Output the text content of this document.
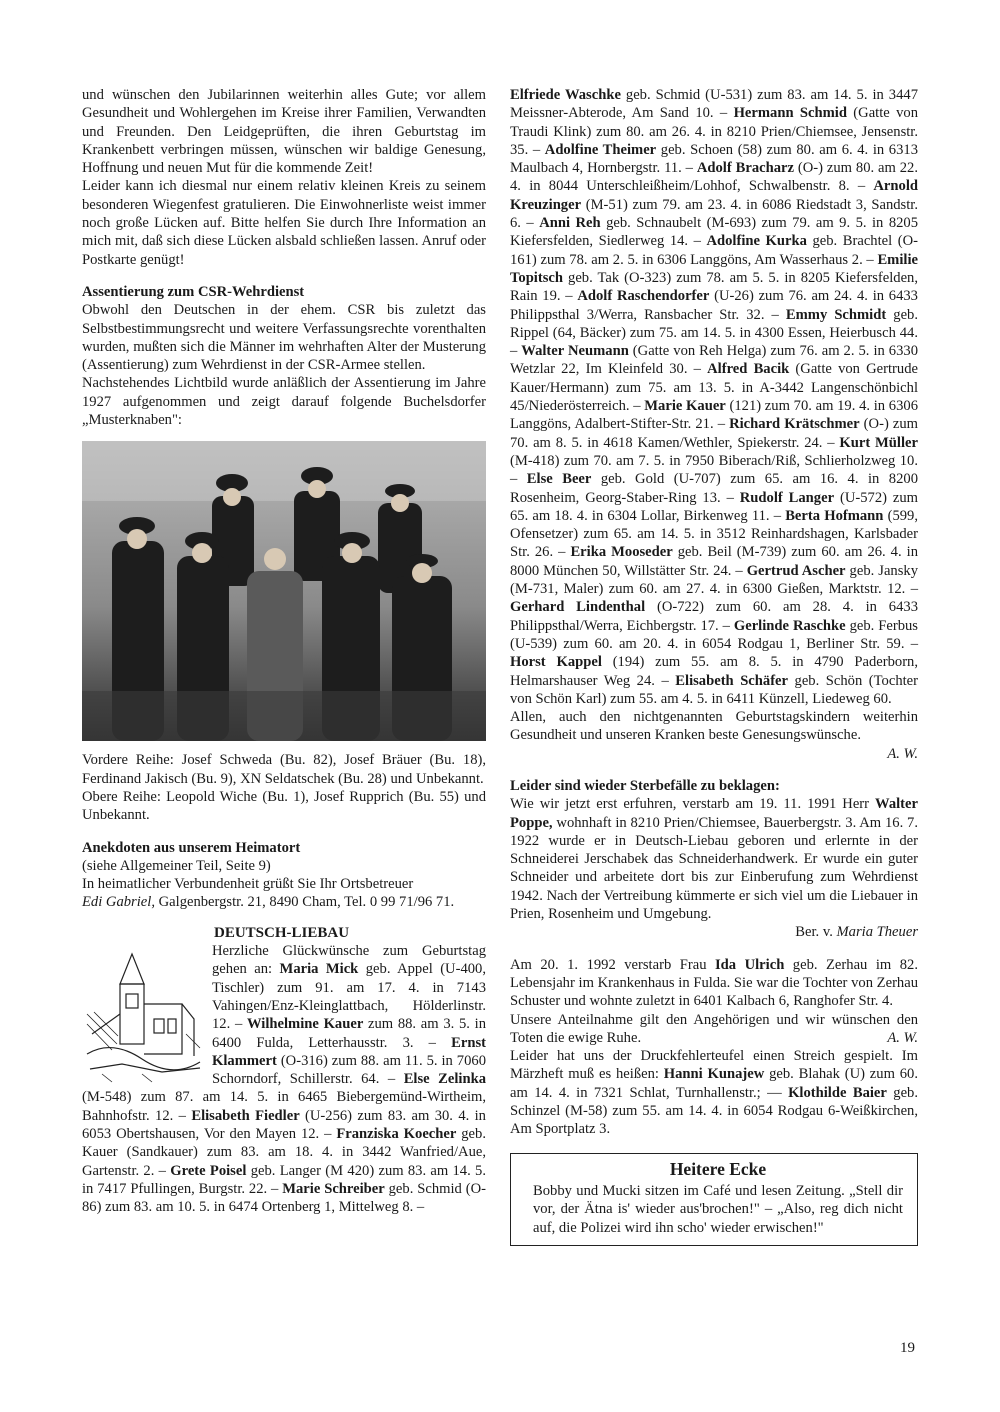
und wünschen den Jubilarinnen weiterhin alles Gute; vor allem Gesundheit und Wohlergehen im Kreise ihrer Familien, Verwandten und Freunden. Den Leidgeprüften, die ihren Geburtstag im Krankenbett verbringen müssen, wünschen wir baldige Genesung, Hoffnung und neuen Mut für die kommende Zeit!

Leider kann ich diesmal nur einem relativ kleinen Kreis zu seinem besonderen Wiegenfest gratulieren. Die Einwohnerliste weist immer noch große Lücken auf. Bitte helfen Sie durch Ihre Information an mich mit, daß sich diese Lücken alsbald schließen lassen. Anruf oder Postkarte genügt!

Assentierung zum CSR-Wehrdienst

Obwohl den Deutschen in der ehem. CSR bis zuletzt das Selbstbestimmungsrecht und weitere Verfassungsrechte vorenthalten wurden, mußten sich die Männer im wehrhaften Alter der Musterung (Assentierung) zum Wehrdienst in der CSR-Armee stellen.

Nachstehendes Lichtbild wurde anläßlich der Assentierung im Jahre 1927 aufgenommen und zeigt darauf folgende Buchelsdorfer „Musterknaben":

Vordere Reihe: Josef Schweda (Bu. 82), Josef Bräuer (Bu. 18), Ferdinand Jakisch (Bu. 9), XN Seldatschek (Bu. 28) und Unbekannt.

Obere Reihe: Leopold Wiche (Bu. 1), Josef Rupprich (Bu. 55) und Unbekannt.

Anekdoten aus unserem Heimatort

(siehe Allgemeiner Teil, Seite 9)

In heimatlicher Verbundenheit grüßt Sie Ihr Ortsbetreuer

Edi Gabriel, Galgenbergstr. 21, 8490 Cham, Tel. 0 99 71/96 71.

DEUTSCH-LIEBAU

Herzliche Glückwünsche zum Geburtstag gehen an: Maria Mick geb. Appel (U-400, Tischler) zum 91. am 17. 4. in 7143 Vahingen/Enz-Kleinglattbach, Hölderlinstr. 12. – Wilhelmine Kauer zum 88. am 3. 5. in 6400 Fulda, Letterhausstr. 3. – Ernst Klammert (O-316) zum 88. am 11. 5. in 7060 Schorndorf, Schillerstr. 64. – Else Zelinka (M-548) zum 87. am 14. 5. in 6465 Biebergemünd-Wirtheim, Bahnhofstr. 12. – Elisabeth Fiedler (U-256) zum 83. am 30. 4. in 6053 Obertshausen, Vor den Mayen 12. – Franziska Koecher geb. Kauer (Sandkauer) zum 83. am 18. 4. in 3442 Wanfried/Aue, Gartenstr. 2. – Grete Poisel geb. Langer (M 420) zum 83. am 14. 5. in 7417 Pfullingen, Burgstr. 22. – Marie Schreiber geb. Schmid (O-86) zum 83. am 10. 5. in 6474 Ortenberg 1, Mittelweg 8. –

Elfriede Waschke geb. Schmid (U-531) zum 83. am 14. 5. in 3447 Meissner-Abterode, Am Sand 10. – Hermann Schmid (Gatte von Traudi Klink) zum 80. am 26. 4. in 8210 Prien/Chiemsee, Jensenstr. 35. – Adolfine Theimer geb. Schoen (58) zum 80. am 6. 4. in 6313 Maulbach 4, Hornbergstr. 11. – Adolf Bracharz (O-) zum 80. am 22. 4. in 8044 Unterschleißheim/Lohhof, Schwalbenstr. 8. – Arnold Kreuzinger (M-51) zum 79. am 23. 4. in 6086 Riedstadt 3, Sandstr. 6. – Anni Reh geb. Schnaubelt (M-693) zum 79. am 9. 5. in 8205 Kiefersfelden, Siedlerweg 14. – Adolfine Kurka geb. Brachtel (O-161) zum 78. am 2. 5. in 6306 Langgöns, Am Wasserhaus 2. – Emilie Topitsch geb. Tak (O-323) zum 78. am 5. 5. in 8205 Kiefersfelden, Rain 19. – Adolf Raschendorfer (U-26) zum 76. am 24. 4. in 6433 Philippsthal 3/Werra, Ransbacher Str. 32. – Emmy Schmidt geb. Rippel (64, Bäcker) zum 75. am 14. 5. in 4300 Essen, Heierbusch 44. – Walter Neumann (Gatte von Reh Helga) zum 76. am 2. 5. in 6330 Wetzlar 22, Im Kleinfeld 30. – Alfred Bacik (Gatte von Gertrude Kauer/Hermann) zum 75. am 13. 5. in A-3442 Langenschönbichl 45/Niederösterreich. – Marie Kauer (121) zum 70. am 19. 4. in 6306 Langgöns, Adalbert-Stifter-Str. 21. – Richard Krätschmer (O-) zum 70. am 8. 5. in 4618 Kamen/Wethler, Spiekerstr. 24. – Kurt Müller (M-418) zum 70. am 7. 5. in 7950 Biberach/Riß, Schlierholzweg 10. – Else Beer geb. Gold (U-707) zum 65. am 16. 4. in 8200 Rosenheim, Georg-Staber-Ring 13. – Rudolf Langer (U-572) zum 65. am 18. 4. in 6304 Lollar, Birkenweg 11. – Berta Hofmann (599, Ofensetzer) zum 65. am 14. 5. in 3512 Reinhardshagen, Karlsbader Str. 26. – Erika Mooseder geb. Beil (M-739) zum 60. am 26. 4. in 8000 München 50, Willstätter Str. 24. – Gertrud Ascher geb. Jansky (M-731, Maler) zum 60. am 27. 4. in 6300 Gießen, Marktstr. 12. – Gerhard Lindenthal (O-722) zum 60. am 28. 4. in 6433 Philippsthal/Werra, Eichbergstr. 17. – Gerlinde Raschke geb. Ferbus (U-539) zum 60. am 20. 4. in 6054 Rodgau 1, Berliner Str. 59. – Horst Kappel (194) zum 55. am 8. 5. in 4790 Paderborn, Helmarshauser Weg 24. – Elisabeth Schäfer geb. Schön (Tochter von Schön Karl) zum 55. am 4. 5. in 6411 Künzell, Liedeweg 60.

Allen, auch den nichtgenannten Geburtstagskindern weiterhin Gesundheit und unseren Kranken beste Genesungswünsche.

A. W.

Leider sind wieder Sterbefälle zu beklagen:

Wie wir jetzt erst erfuhren, verstarb am 19. 11. 1991 Herr Walter Poppe, wohnhaft in 8210 Prien/Chiemsee, Bauerbergstr. 3. Am 16. 7. 1922 wurde er in Deutsch-Liebau geboren und erlernte in der Schneiderei Jerschabek das Schneiderhandwerk. Er wurde ein guter Schneider und arbeitete dort bis zur Einberufung zum Wehrdienst 1942. Nach der Vertreibung kümmerte er sich viel um die Liebauer in Prien, Rosenheim und Umgebung.

Ber. v. Maria Theuer

Am 20. 1. 1992 verstarb Frau Ida Ulrich geb. Zerhau im 82. Lebensjahr im Krankenhaus in Fulda. Sie war die Tochter von Zerhau Schuster und wohnte zuletzt in 6401 Kalbach 6, Ranghofer Str. 4.

Unsere Anteilnahme gilt den Angehörigen und wir wünschen den Toten die ewige Ruhe.	A. W.

Leider hat uns der Druckfehlerteufel einen Streich gespielt. Im Märzheft muß es heißen: Hanni Kunajew geb. Blahak (U) zum 60. am 14. 4. in 7321 Schlat, Turnhallenstr.; — Klothilde Baier geb. Schinzel (M-58) zum 55. am 14. 4. in 6054 Rodgau 6-Weißkirchen, Am Sportplatz 3.

Heitere Ecke

Bobby und Mucki sitzen im Café und lesen Zeitung. „Stell dir vor, der Ätna is' wieder aus'brochen!" – „Also, reg dich nicht auf, die Polizei wird ihn scho' wieder erwischen!"

19
